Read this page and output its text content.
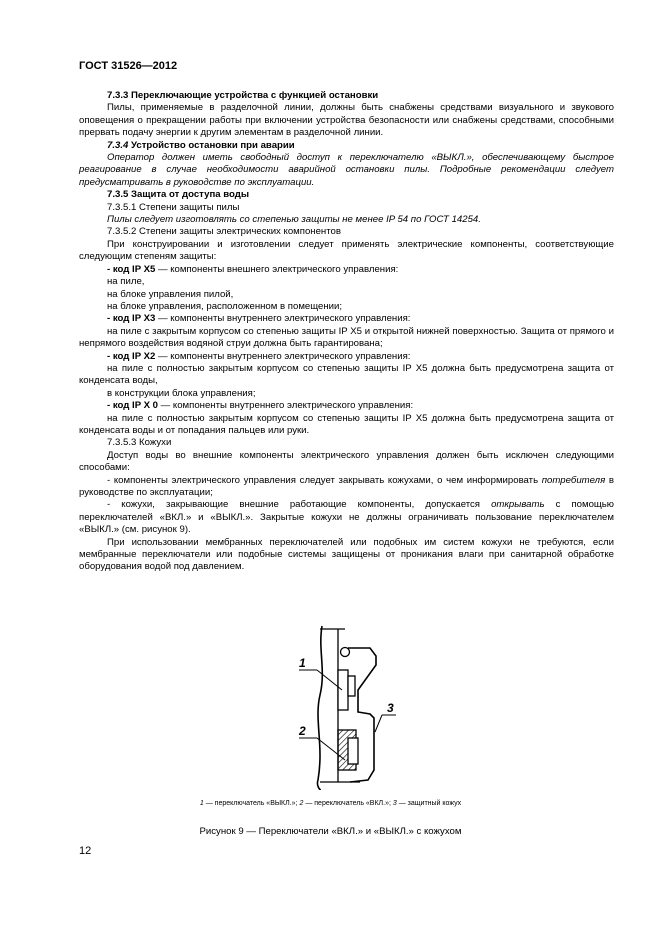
ГОСТ 31526—2012

7.3.3 Переключающие устройства с функцией остановки

Пилы, применяемые в разделочной линии, должны быть снабжены средствами визуального и звукового оповещения о прекращении работы при включении устройства безопасности или снабжены средствами, способными прервать подачу энергии к другим элементам в разделочной линии.

7.3.4 Устройство остановки при аварии

Оператор должен иметь свободный доступ к переключателю «ВЫКЛ.», обеспечивающему быстрое реагирование в случае необходимости аварийной остановки пилы. Подробные рекомендации следует предусматривать в руководстве по эксплуатации.

7.3.5 Защита от доступа воды

7.3.5.1 Степени защиты пилы

Пилы следует изготовлять со степенью защиты не менее IP 54 по ГОСТ 14254.

7.3.5.2 Степени защиты электрических компонентов

При конструировании и изготовлении следует применять электрические компоненты, соответствующие следующим степеням защиты:

- код IP X5 — компоненты внешнего электрического управления:

на пиле,

на блоке управления пилой,

на блоке управления, расположенном в помещении;

- код IP X3 — компоненты внутреннего электрического управления:

на пиле с закрытым корпусом со степенью защиты IP X5 и открытой нижней поверхностью. Защита от прямого и непрямого воздействия водяной струи должна быть гарантирована;

- код IP X2 — компоненты внутреннего электрического управления:

на пиле с полностью закрытым корпусом со степенью защиты IP X5 должна быть предусмотрена защита от конденсата воды,

в конструкции блока управления;

- код IP X 0 — компоненты внутреннего электрического управления:

на пиле с полностью закрытым корпусом со степенью защиты IP X5 должна быть предусмотрена защита от конденсата воды и от попадания пальцев или руки.

7.3.5.3 Кожухи

Доступ воды во внешние компоненты электрического управления должен быть исключен следующими способами:

- компоненты электрического управления следует закрывать кожухами, о чем информировать потребителя в руководстве по эксплуатации;

- кожухи, закрывающие внешние работающие компоненты, допускается открывать с помощью переключателей «ВКЛ.» и «ВЫКЛ.». Закрытые кожухи не должны ограничивать пользование переключателем «ВЫКЛ.» (см. рисунок 9).

При использовании мембранных переключателей или подобных им систем кожухи не требуются, если мембранные переключатели или подобные системы защищены от проникания влаги при санитарной обработке оборудования водой под давлением.

1
2
3
1 — переключатель «ВЫКЛ.»; 2 — переключатель «ВКЛ.»; 3 — защитный кожух
Рисунок 9 — Переключатели «ВКЛ.» и «ВЫКЛ.» с кожухом
12
